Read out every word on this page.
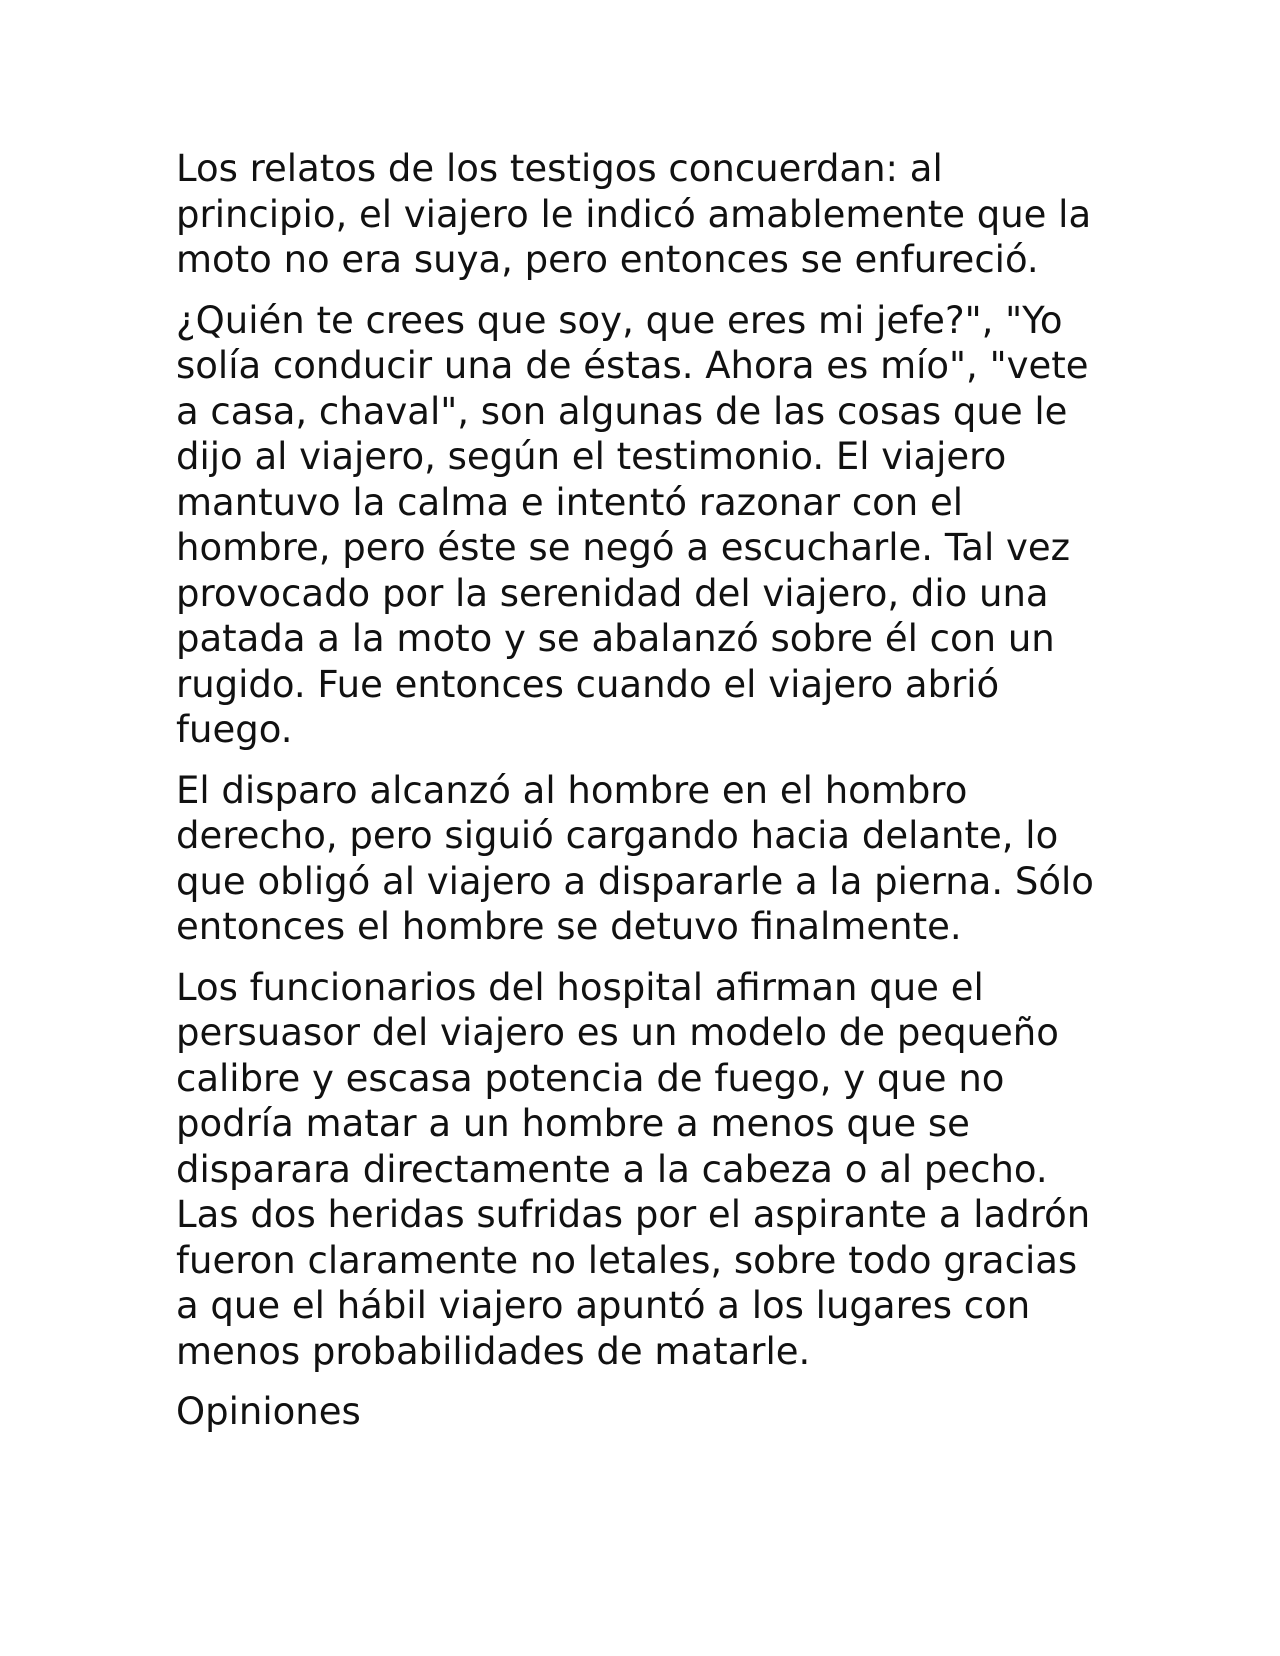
Los relatos de los testigos concuerdan: al principio, el viajero le indicó amablemente que la moto no era suya, pero entonces se enfureció.

¿Quién te crees que soy, que eres mi jefe?", "Yo solía conducir una de éstas. Ahora es mío", "vete a casa, chaval", son algunas de las cosas que le dijo al viajero, según el testimonio. El viajero mantuvo la calma e intentó razonar con el hombre, pero éste se negó a escucharle. Tal vez provocado por la serenidad del viajero, dio una patada a la moto y se abalanzó sobre él con un rugido. Fue entonces cuando el viajero abrió fuego.

El disparo alcanzó al hombre en el hombro derecho, pero siguió cargando hacia delante, lo que obligó al viajero a dispararle a la pierna. Sólo entonces el hombre se detuvo finalmente.

Los funcionarios del hospital afirman que el persuasor del viajero es un modelo de pequeño calibre y escasa potencia de fuego, y que no podría matar a un hombre a menos que se disparara directamente a la cabeza o al pecho. Las dos heridas sufridas por el aspirante a ladrón fueron claramente no letales, sobre todo gracias a que el hábil viajero apuntó a los lugares con menos probabilidades de matarle.

Opiniones
